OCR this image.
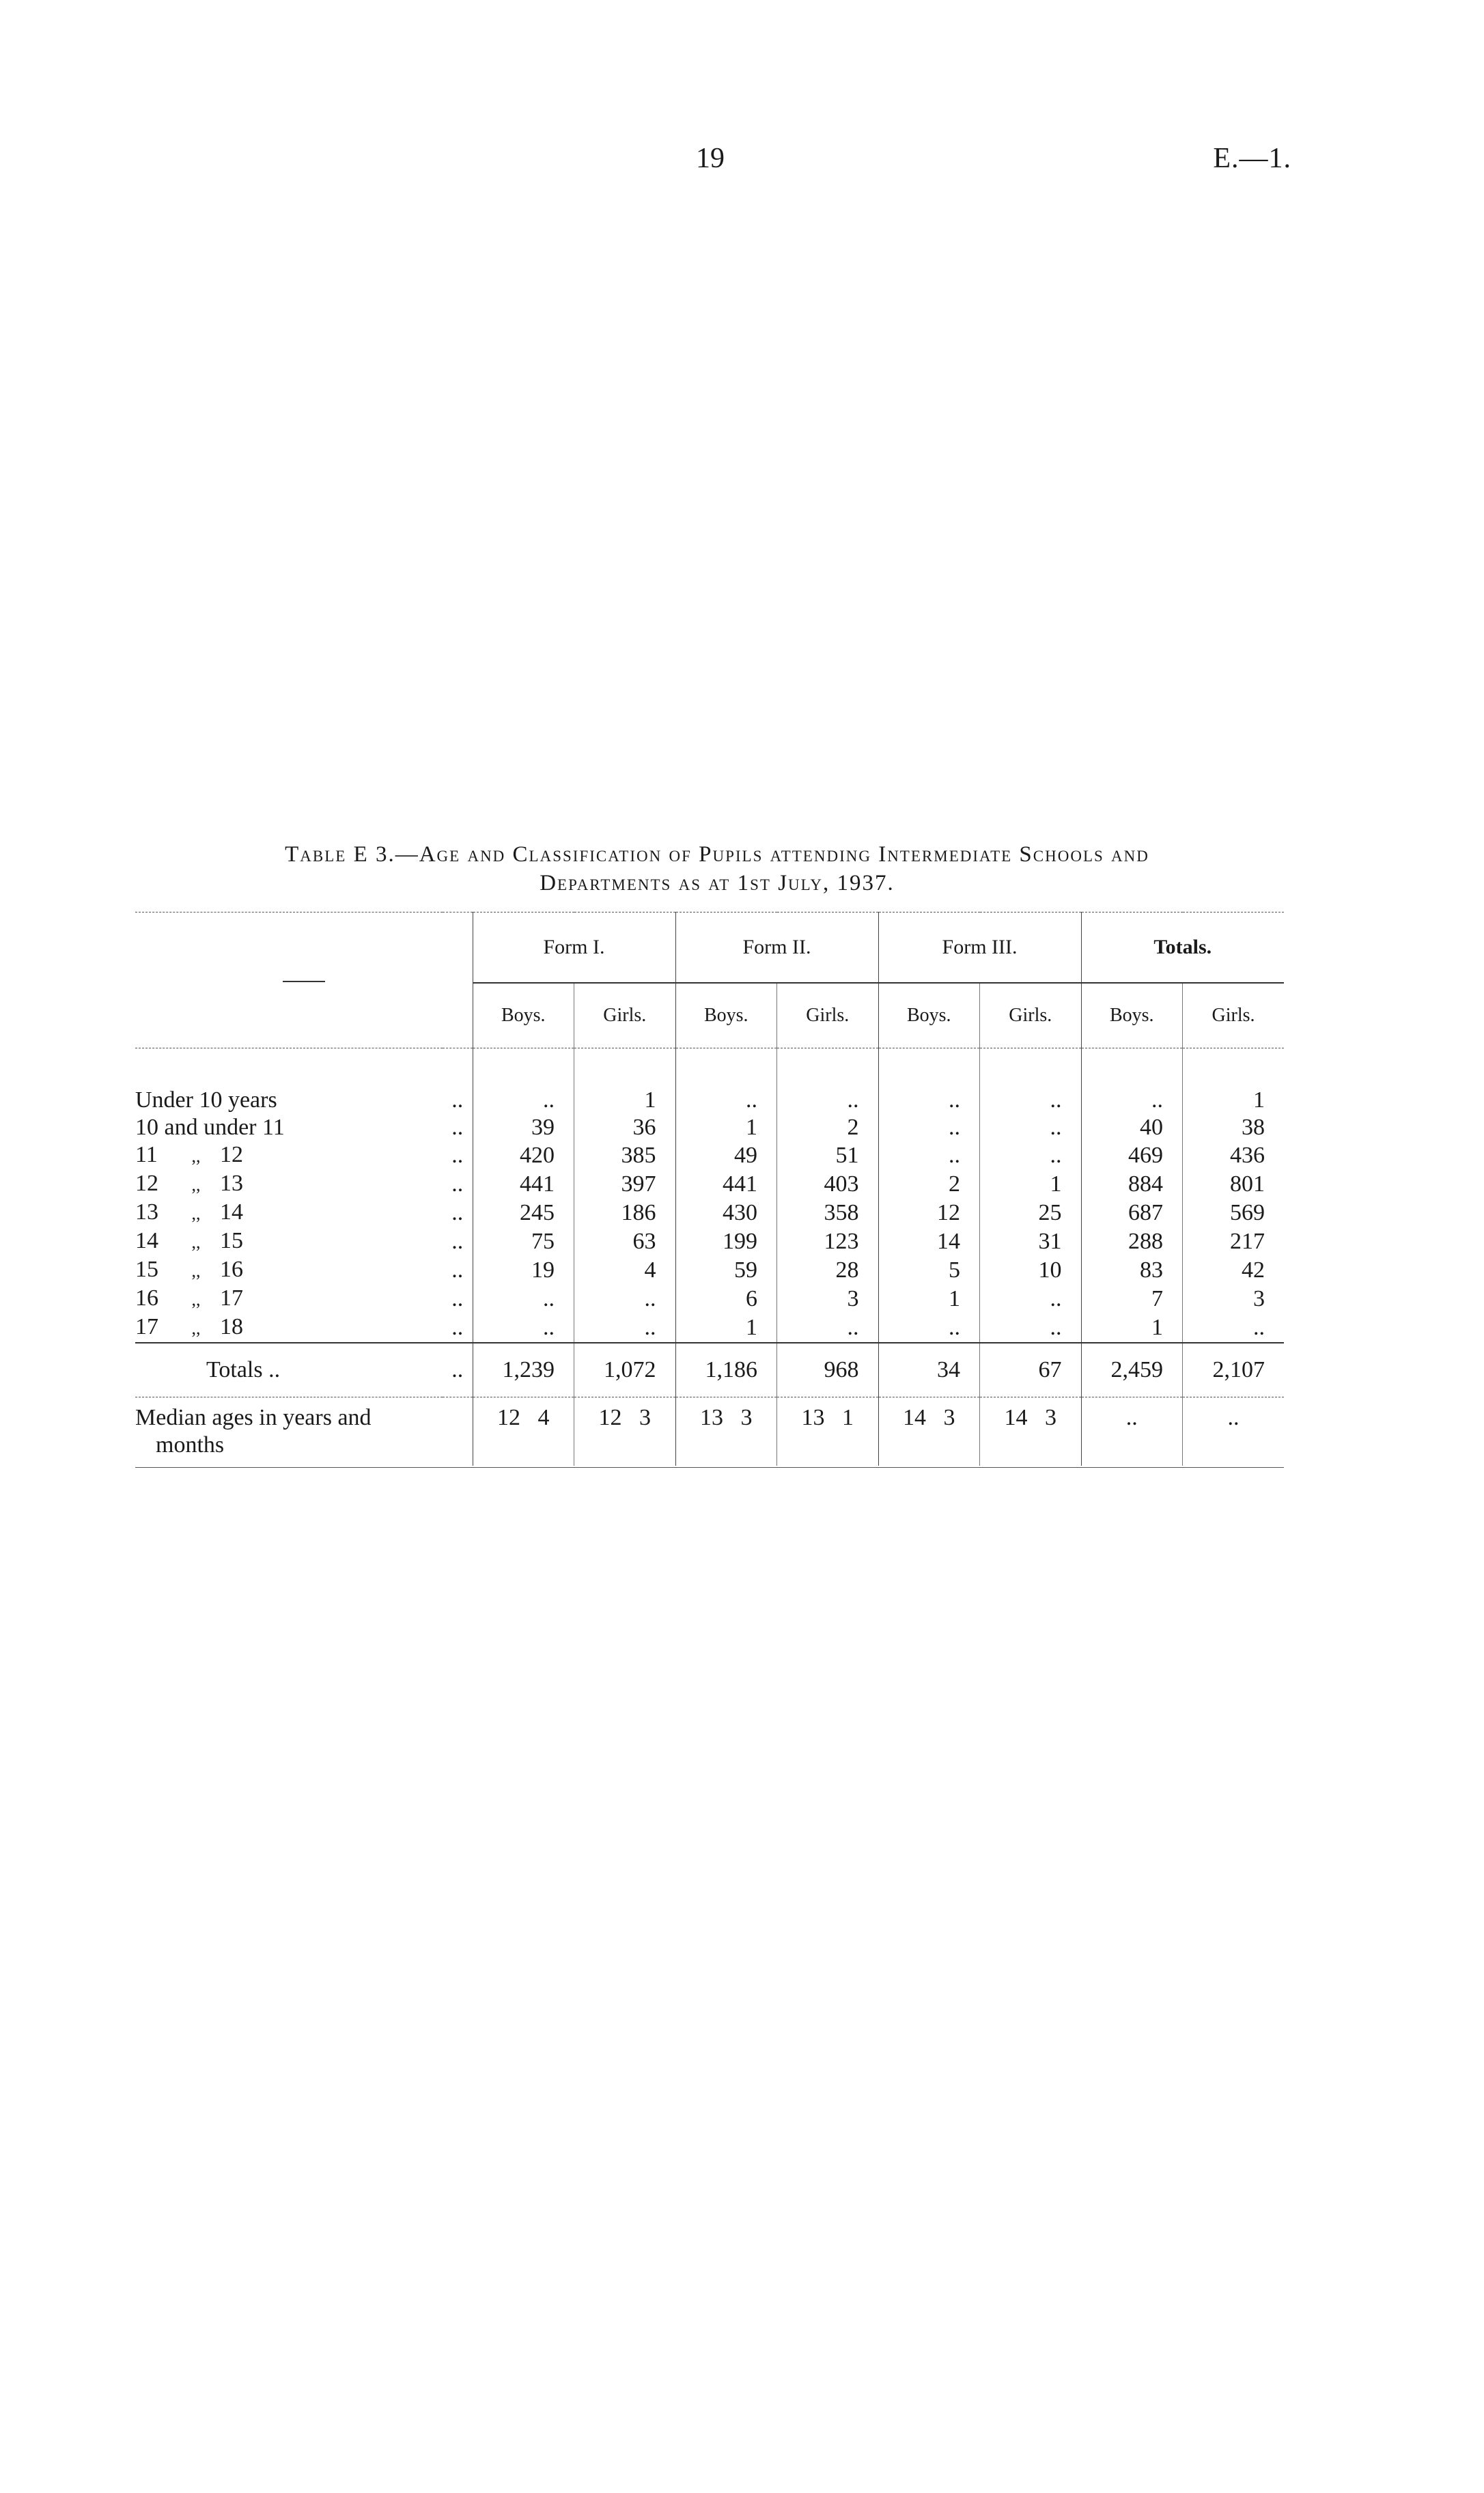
19	E.—1.
Table E 3.—Age and Classification of Pupils attending Intermediate Schools and
Departments as at 1st July, 1937.
		Form I.		Form II.		Form III.		Totals.	
		Boys.	Girls.	Boys.	Girls.	Boys.	Girls.	Boys.	Girls.

Under 10 years	..	..	1	..	..	..	..	..	1
10 and under 11	..	39	36	1	2	..	..	40	38
11 ,, 12	..	420	385	49	51	..	..	469	436
12 ,, 13	..	441	397	441	403	2	1	884	801
13 ,, 14	..	245	186	430	358	12	25	687	569
14 ,, 15	..	75	63	199	123	14	31	288	217
15 ,, 16	..	19	4	59	28	5	10	83	42
16 ,, 17	..	..	..	6	3	1	..	7	3
17 ,, 18	..	..	..	1	..	..	..	1	..
Totals ..	..	1,239	1,072	1,186	968	34	67	2,459	2,107

Median ages in years and
months		12   4	12   3	13   3	13   1	14   3	14   3	..	..
